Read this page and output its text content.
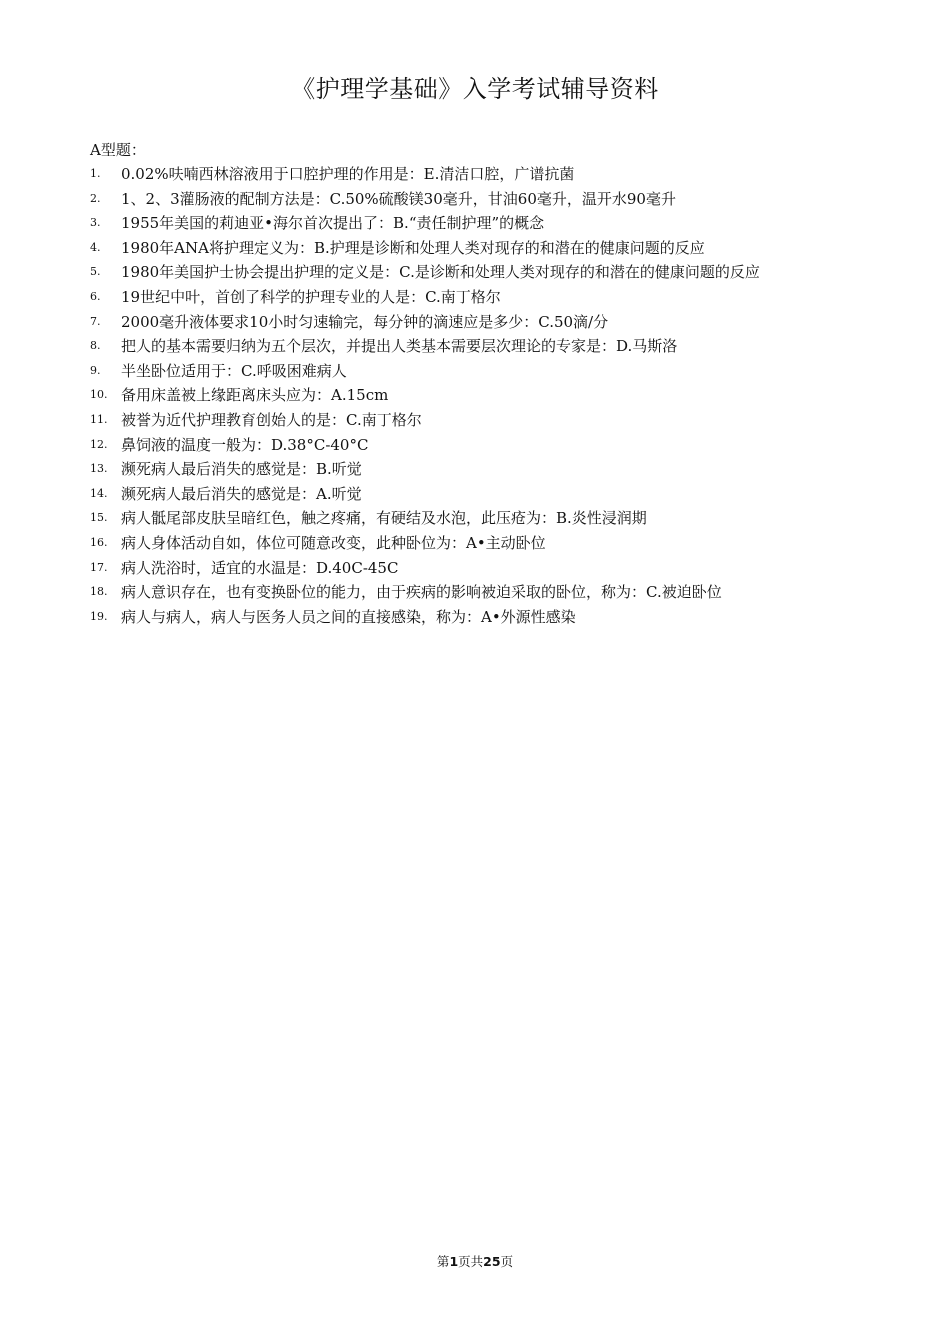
《护理学基础》入学考试辅导资料
A型题：
1. 0.02%呋喃西林溶液用于口腔护理的作用是：E.清洁口腔，广谱抗菌
2. 1、2、3灌肠液的配制方法是：C.50%硫酸镁30毫升，甘油60毫升，温开水90毫升
3. 1955年美国的莉迪亚•海尔首次提出了：B.“责任制护理”的概念
4. 1980年ANA将护理定义为：B.护理是诊断和处理人类对现存的和潜在的健康问题的反应
5. 1980年美国护士协会提出护理的定义是：C.是诊断和处理人类对现存的和潜在的健康问题的反应
6. 19世纪中叶，首创了科学的护理专业的人是：C.南丁格尔
7. 2000毫升液体要求10小时匀速输完，每分钟的滴速应是多少：C.50滴/分
8. 把人的基本需要归纳为五个层次，并提出人类基本需要层次理论的专家是：D.马斯洛
9. 半坐卧位适用于：C.呼吸困难病人
10. 备用床盖被上缘距离床头应为：A.15cm
11. 被誉为近代护理教育创始人的是：C.南丁格尔
12. 鼻饲液的温度一般为：D.38°C-40°C
13. 濒死病人最后消失的感觉是：B.听觉
14. 濒死病人最后消失的感觉是：A.听觉
15. 病人骶尾部皮肤呈暗红色，触之疼痛，有硬结及水泡，此压疮为：B.炎性浸润期
16. 病人身体活动自如，体位可随意改变，此种卧位为：A•主动卧位
17. 病人洗浴时，适宜的水温是：D.40C-45C
18. 病人意识存在，也有变换卧位的能力，由于疾病的影响被迫采取的卧位，称为：C.被迫卧位
19. 病人与病人，病人与医务人员之间的直接感染，称为：A•外源性感染
第1页共25页
